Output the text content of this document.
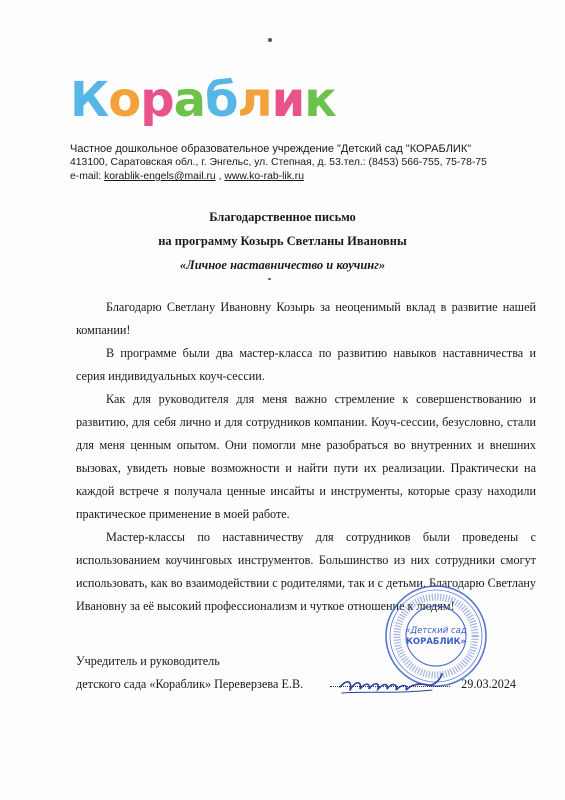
Кораблик
Частное дошкольное образовательное учреждение "Детский сад "КОРАБЛИК"
413100, Саратовская обл., г. Энгельс, ул. Степная, д. 53.тел.: (8453) 566-755, 75-78-75
e-mail: korablik-engels@mail.ru , www.ko-rab-lik.ru
Благодарственное письмо
на программу Козырь Светланы Ивановны
«Личное наставничество и коучинг»

Благодарю Светлану Ивановну Козырь за неоценимый вклад в развитие нашей компании!

В программе были два мастер-класса по развитию навыков наставничества и серия индивидуальных коуч-сессии.

Как для руководителя для меня важно стремление к совершенствованию и развитию, для себя лично и для сотрудников компании. Коуч-сессии, безусловно, стали для меня ценным опытом. Они помогли мне разобраться во внутренних и внешних вызовах, увидеть новые возможности и найти пути их реализации. Практически на каждой встрече я получала ценные инсайты и инструменты, которые сразу находили практическое применение в моей работе.

Мастер-классы по наставничеству для сотрудников были проведены с использованием коучинговых инструментов. Большинство из них сотрудники смогут использовать, как во взаимодействии с родителями, так и с детьми. Благодарю Светлану Ивановну за её высокий профессионализм и чуткое отношение к людям!

«Детский сад
КОРАБЛИК»
Учредитель и руководитель
детского сада «Кораблик» Переверзева Е.В.	29.03.2024
